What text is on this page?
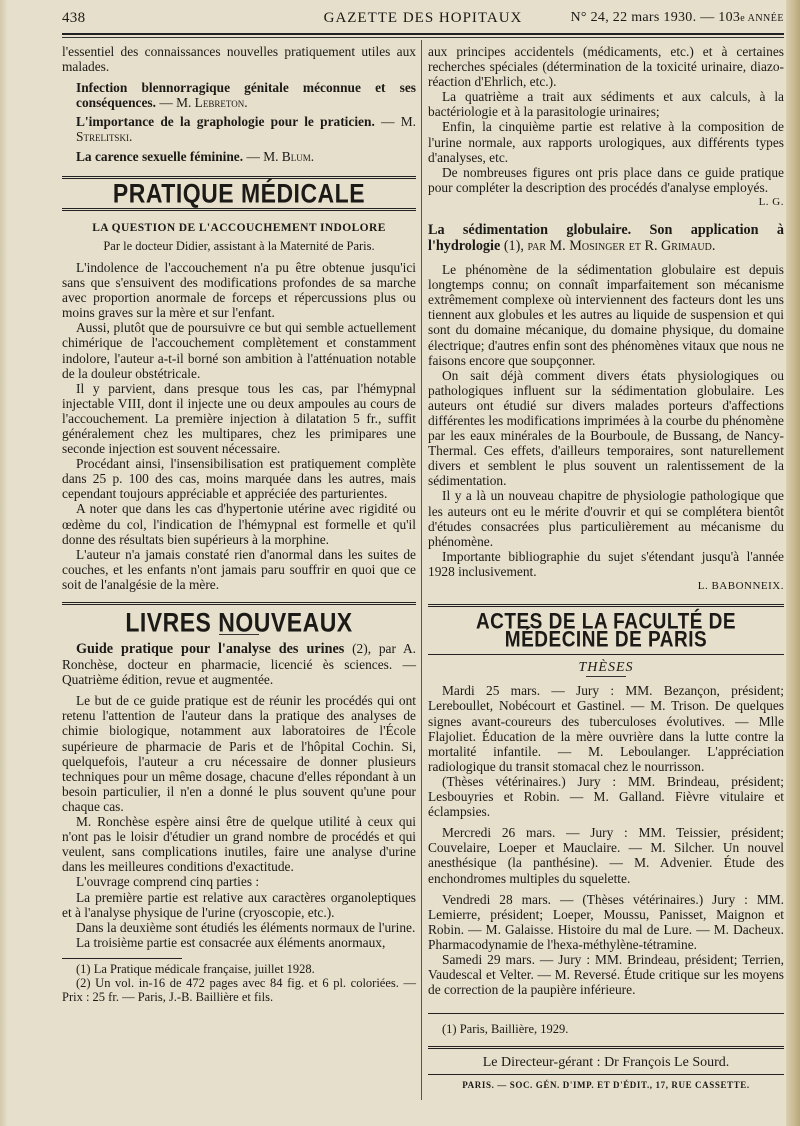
438	GAZETTE DES HOPITAUX	N° 24, 22 mars 1930. — 103e ANNÉE

l'essentiel des connaissances nouvelles pratiquement utiles aux malades.

Infection blennorragique génitale méconnue et ses conséquences. — M. Lebreton.

L'importance de la graphologie pour le praticien. — M. Strelitski.

La carence sexuelle féminine. — M. Blum.

PRATIQUE MÉDICALE

LA QUESTION DE L'ACCOUCHEMENT INDOLORE

Par le docteur Didier, assistant à la Maternité de Paris.

L'indolence de l'accouchement n'a pu être obtenue jusqu'ici sans que s'ensuivent des modifications profondes de sa marche avec proportion anormale de forceps et répercussions plus ou moins graves sur la mère et sur l'enfant.

Aussi, plutôt que de poursuivre ce but qui semble actuellement chimérique de l'accouchement complètement et constamment indolore, l'auteur a-t-il borné son ambition à l'atténuation notable de la douleur obstétricale.

Il y parvient, dans presque tous les cas, par l'hémypnal injectable VIII, dont il injecte une ou deux ampoules au cours de l'accouchement. La première injection à dilatation 5 fr., suffit généralement chez les multipares, chez les primipares une seconde injection est souvent nécessaire.

Procédant ainsi, l'insensibilisation est pratiquement complète dans 25 p. 100 des cas, moins marquée dans les autres, mais cependant toujours appréciable et appréciée des parturientes.

A noter que dans les cas d'hypertonie utérine avec rigidité ou œdème du col, l'indication de l'hémypnal est formelle et qu'il donne des résultats bien supérieurs à la morphine.

L'auteur n'a jamais constaté rien d'anormal dans les suites de couches, et les enfants n'ont jamais paru souffrir en quoi que ce soit de l'analgésie de la mère.

LIVRES NOUVEAUX

Guide pratique pour l'analyse des urines (2), par A. Ronchèse, docteur en pharmacie, licencié ès sciences. — Quatrième édition, revue et augmentée.

Le but de ce guide pratique est de réunir les procédés qui ont retenu l'attention de l'auteur dans la pratique des analyses de chimie biologique, notamment aux laboratoires de l'École supérieure de pharmacie de Paris et de l'hôpital Cochin. Si, quelquefois, l'auteur a cru nécessaire de donner plusieurs techniques pour un même dosage, chacune d'elles répondant à un besoin particulier, il n'en a donné le plus souvent qu'une pour chaque cas.

M. Ronchèse espère ainsi être de quelque utilité à ceux qui n'ont pas le loisir d'étudier un grand nombre de procédés et qui veulent, sans complications inutiles, faire une analyse d'urine dans les meilleures conditions d'exactitude.

L'ouvrage comprend cinq parties :

La première partie est relative aux caractères organoleptiques et à l'analyse physique de l'urine (cryoscopie, etc.).

Dans la deuxième sont étudiés les éléments normaux de l'urine.

La troisième partie est consacrée aux éléments anormaux,

(1) La Pratique médicale française, juillet 1928.

(2) Un vol. in-16 de 472 pages avec 84 fig. et 6 pl. coloriées. — Prix : 25 fr. — Paris, J.-B. Baillière et fils.

aux principes accidentels (médicaments, etc.) et à certaines recherches spéciales (détermination de la toxicité urinaire, diazo-réaction d'Ehrlich, etc.).

La quatrième a trait aux sédiments et aux calculs, à la bactériologie et à la parasitologie urinaires;

Enfin, la cinquième partie est relative à la composition de l'urine normale, aux rapports urologiques, aux différents types d'analyses, etc.

De nombreuses figures ont pris place dans ce guide pratique pour compléter la description des procédés d'analyse employés.

L. G.

La sédimentation globulaire. Son application à l'hydrologie (1), par M. Mosinger et R. Grimaud.

Le phénomène de la sédimentation globulaire est depuis longtemps connu; on connaît imparfaitement son mécanisme extrêmement complexe où interviennent des facteurs dont les uns tiennent aux globules et les autres au liquide de suspension et qui sont du domaine mécanique, du domaine physique, du domaine électrique; d'autres enfin sont des phénomènes vitaux que nous ne faisons encore que soupçonner.

On sait déjà comment divers états physiologiques ou pathologiques influent sur la sédimentation globulaire. Les auteurs ont étudié sur divers malades porteurs d'affections différentes les modifications imprimées à la courbe du phénomène par les eaux minérales de la Bourboule, de Bussang, de Nancy-Thermal. Ces effets, d'ailleurs temporaires, sont naturellement divers et semblent le plus souvent un ralentissement de la sédimentation.

Il y a là un nouveau chapitre de physiologie pathologique que les auteurs ont eu le mérite d'ouvrir et qui se complétera bientôt d'études consacrées plus particulièrement au mécanisme du phénomène.

Importante bibliographie du sujet s'étendant jusqu'à l'année 1928 inclusivement.

L. BABONNEIX.

ACTES DE LA FACULTÉ DE MÉDECINE DE PARIS

THÈSES

Mardi 25 mars. — Jury : MM. Bezançon, président; Lereboullet, Nobécourt et Gastinel. — M. Trison. De quelques signes avant-coureurs des tuberculoses évolutives. — Mlle Flajoliet. Éducation de la mère ouvrière dans la lutte contre la mortalité infantile. — M. Leboulanger. L'appréciation radiologique du transit stomacal chez le nourrisson.

(Thèses vétérinaires.) Jury : MM. Brindeau, président; Lesbouyries et Robin. — M. Galland. Fièvre vitulaire et éclampsies.

Mercredi 26 mars. — Jury : MM. Teissier, président; Couvelaire, Loeper et Mauclaire. — M. Silcher. Un nouvel anesthésique (la panthésine). — M. Advenier. Étude des enchondromes multiples du squelette.

Vendredi 28 mars. — (Thèses vétérinaires.) Jury : MM. Lemierre, président; Loeper, Moussu, Panisset, Maignon et Robin. — M. Galaisse. Histoire du mal de Lure. — M. Dacheux. Pharmacodynamie de l'hexa-méthylène-tétramine.

Samedi 29 mars. — Jury : MM. Brindeau, président; Terrien, Vaudescal et Velter. — M. Reversé. Étude critique sur les moyens de correction de la paupière inférieure.

(1) Paris, Baillière, 1929.

Le Directeur-gérant : Dr François Le Sourd.

PARIS. — SOC. GÉN. D'IMP. ET D'ÉDIT., 17, RUE CASSETTE.
